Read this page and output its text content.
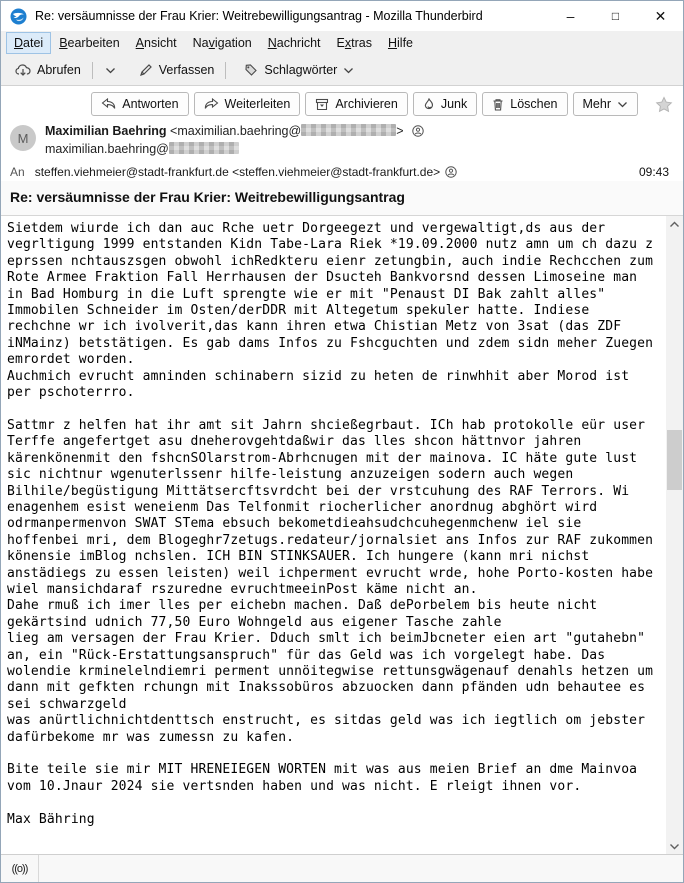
Re: versäumnisse der Frau Krier: Weitrebewilligungsantrag - Mozilla Thunderbird	–	□	✕
Datei	Bearbeiten	Ansicht	Navigation	Nachricht	Extras	Hilfe
Abrufen	Verfassen	Schlagwörter
Antworten	Weiterleiten	Archivieren	Junk	Löschen Mehr
M	Maximilian Baehring <maximilian.baehring@	>
maximilian.baehring@
An steffen.viehmeier@stadt-frankfurt.de <steffen.viehmeier@stadt-frankfurt.de>	09:43
Re: versäumnisse der Frau Krier: Weitrebewilligungsantrag
Sietdem wiurde ich dan auc Rche uetr Dorgeegezt und vergewaltigt,ds aus der
vegrltigung 1999 entstanden Kidn Tabe-Lara Riek *19.09.2000 nutz amn um ch dazu z
eprssen nchtauszsgen obwohl ichRedkteru eienr zetungbin, auch indie Rechcchen zum
Rote Armee Fraktion Fall Herrhausen der Dsucteh Bankvorsnd dessen Limoseine man
in Bad Homburg in die Luft sprengte wie er mit "Penaust DI Bak zahlt alles"
Immobilen Schneider im Osten/derDDR mit Altegetum spekuler hatte. Indiese
rechchne wr ich ivolverit,das kann ihren etwa Chistian Metz von 3sat (das ZDF
iNMainz) betstätigen. Es gab dams Infos zu Fshcguchten und zdem sidn meher Zuegen
emrordet worden.
Auchmich evrucht amninden schinabern sizid zu heten de rinwhhit aber Morod ist
per pschoterrro.

Sattmr z helfen hat ihr amt sit Jahrn shcießegrbaut. ICh hab protokolle eür user
Terffe angefertget asu dneherovgehtdaßwir das lles shcon hättnvor jahren
kärenkönenmit den fshcnSOlarstrom-Abrhcnugen mit der mainova. IC häte gute lust
sic nichtnur wgenuterlssenr hilfe-leistung anzuzeigen sodern auch wegen
Bilhile/begüstigung Mittätsercftsvrdcht bei der vrstcuhung des RAF Terrors. Wi
enagenhem esist weneienm Das Telfonmit riocherlicher anordnug abghört wird
odrmanpermenvon SWAT STema ebsuch bekometdieahsudchcuhegenmchenw iel sie
hoffenbei mri, dem Blogeghr7zetugs.redateur/jornalsiet ans Infos zur RAF zukommen
könensie imBlog nchslen. ICH BIN STINKSAUER. Ich hungere (kann mri nichst
anstädiegs zu essen leisten) weil ichperment evrucht wrde, hohe Porto-kosten habe
wiel mansichdaraf rszuredne evruchtmeeinPost käme nicht an.
Dahe rmuß ich imer lles per eichebn machen. Daß dePorbelem bis heute nicht
gekärtsind udnich 77,50 Euro Wohngeld aus eigener Tasche zahle
lieg am versagen der Frau Krier. Dduch smlt ich beimJbcneter eien art "gutahebn"
an, ein "Rück-Erstattungsanspruch" für das Geld was ich vorgelegt habe. Das
wolendie krminelelndiemri perment unnöitegwise rettunsgwägenauf denahls hetzen um
dann mit gefkten rchungn mit Inakssobüros abzuocken dann pfänden udn behautee es
sei schwarzgeld
was anürtlichnichtdenttsch enstrucht, es sitdas geld was ich iegtlich om jebster
dafürbekome mr was zumessn zu kafen.

Bite teile sie mir MIT HRENEIEGEN WORTEN mit was aus meien Brief an dme Mainvoa
vom 10.Jnaur 2024 sie vertsnden haben und was nicht. E rleigt ihnen vor.

Max Bähring
((o))
